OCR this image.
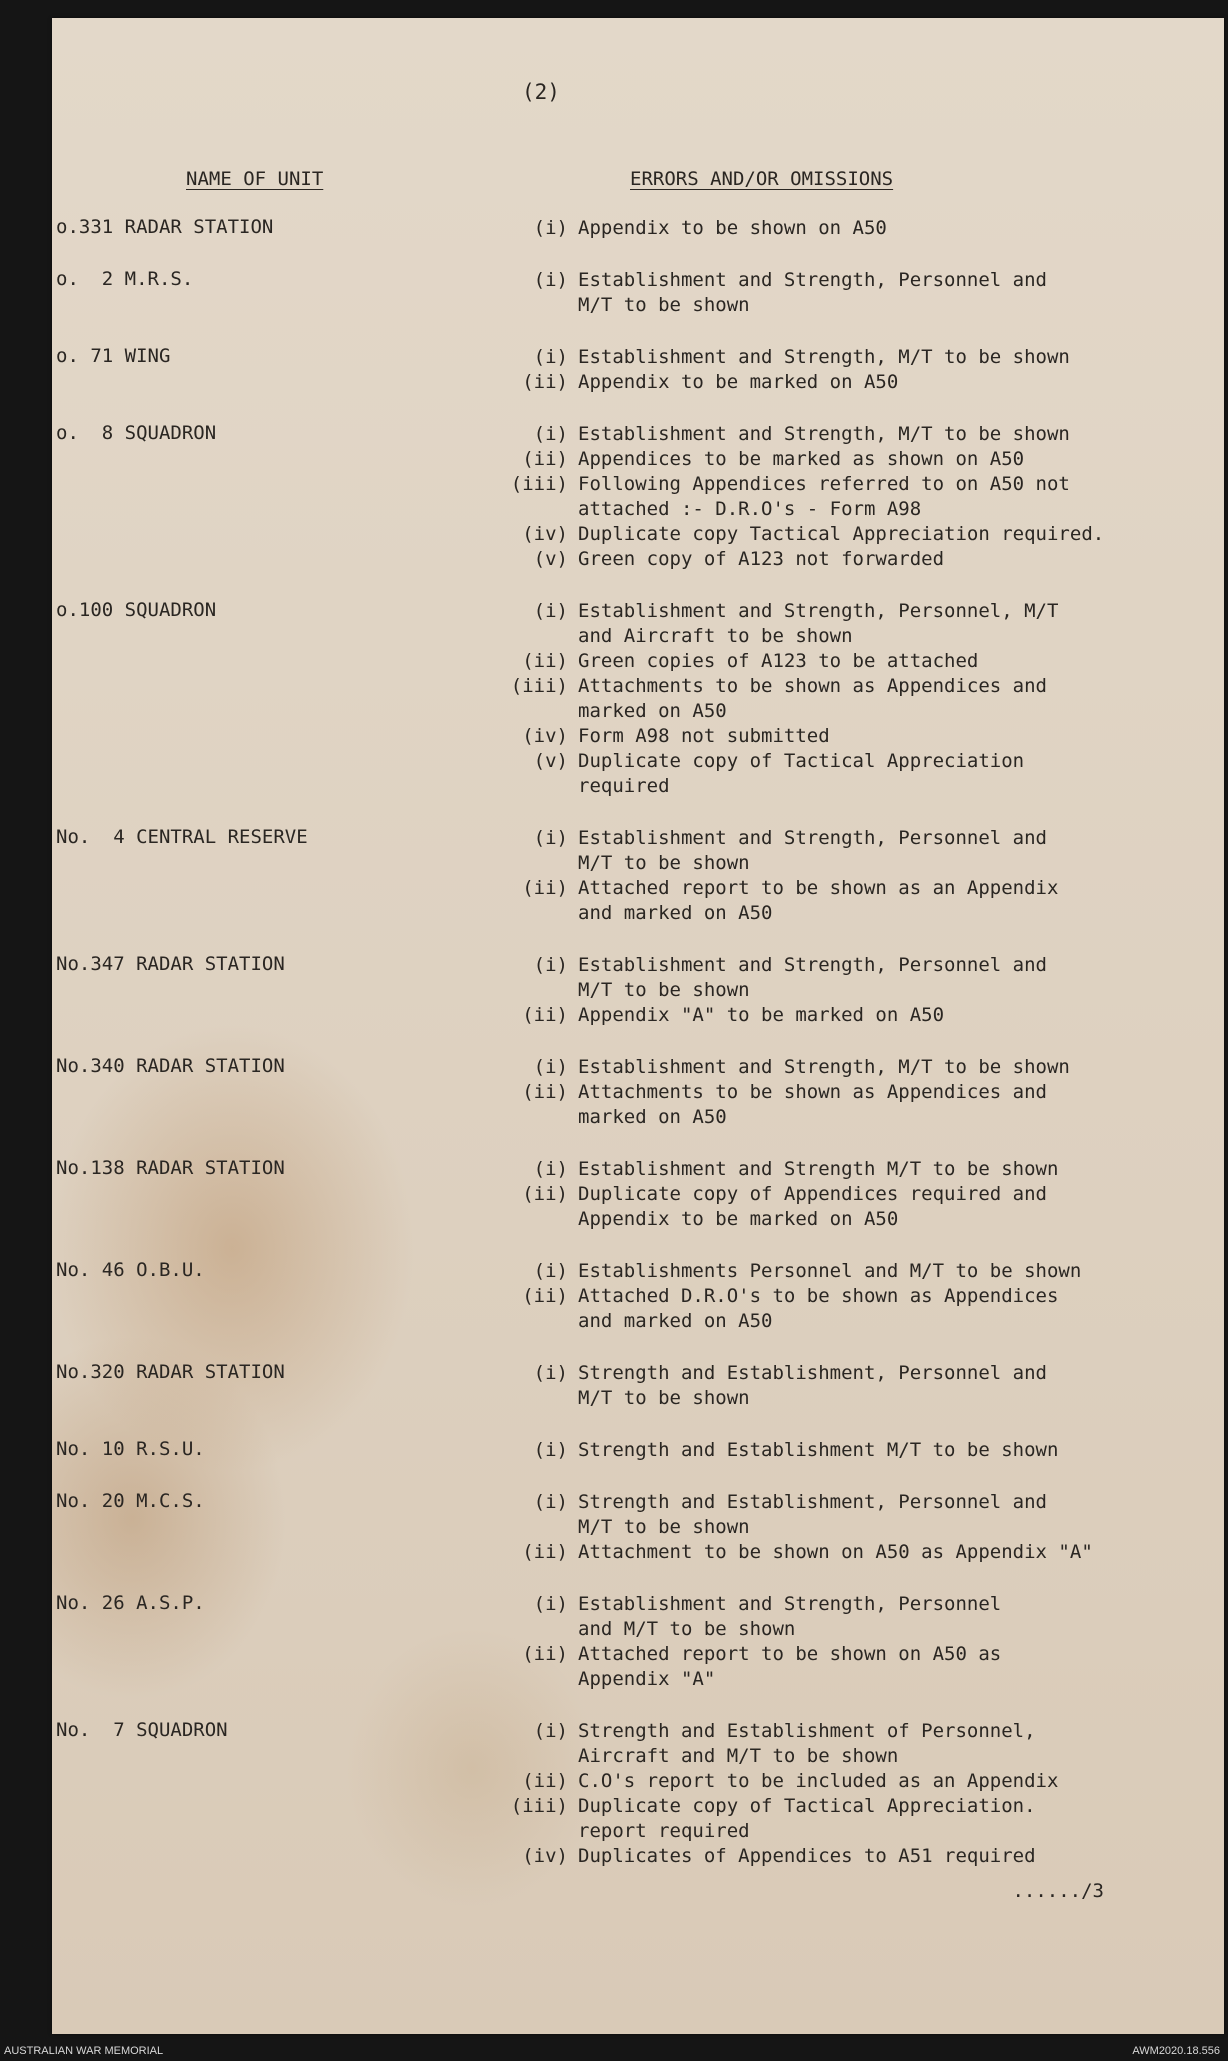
(2)
NAME OF UNIT	ERRORS AND/OR OMISSIONS
o.331 RADAR STATION	(i) Appendix to be shown on A50
o.  2 M.R.S.	(i) Establishment and Strength, Personnel and
M/T to be shown
o. 71 WING	(i) Establishment and Strength, M/T to be shown
(ii) Appendix to be marked on A50
o.  8 SQUADRON	(i) Establishment and Strength, M/T to be shown
(ii) Appendices to be marked as shown on A50
(iii) Following Appendices referred to on A50 not
attached :- D.R.O's - Form A98
(iv) Duplicate copy Tactical Appreciation required.
(v) Green copy of A123 not forwarded
o.100 SQUADRON	(i) Establishment and Strength, Personnel, M/T
and Aircraft to be shown
(ii) Green copies of A123 to be attached
(iii) Attachments to be shown as Appendices and
marked on A50
(iv) Form A98 not submitted
(v) Duplicate copy of Tactical Appreciation
required
No.  4 CENTRAL RESERVE	(i) Establishment and Strength, Personnel and
M/T to be shown
(ii) Attached report to be shown as an Appendix
and marked on A50
No.347 RADAR STATION	(i) Establishment and Strength, Personnel and
M/T to be shown
(ii) Appendix "A" to be marked on A50
No.340 RADAR STATION	(i) Establishment and Strength, M/T to be shown
(ii) Attachments to be shown as Appendices and
marked on A50
No.138 RADAR STATION	(i) Establishment and Strength M/T to be shown
(ii) Duplicate copy of Appendices required and
Appendix to be marked on A50
No. 46 O.B.U.	(i) Establishments Personnel and M/T to be shown
(ii) Attached D.R.O's to be shown as Appendices
and marked on A50
No.320 RADAR STATION	(i) Strength and Establishment, Personnel and
M/T to be shown
No. 10 R.S.U.	(i) Strength and Establishment M/T to be shown
No. 20 M.C.S.	(i) Strength and Establishment, Personnel and
M/T to be shown
(ii) Attachment to be shown on A50 as Appendix "A"
No. 26 A.S.P.	(i) Establishment and Strength, Personnel
and M/T to be shown
(ii) Attached report to be shown on A50 as
Appendix "A"
No.  7 SQUADRON	(i) Strength and Establishment of Personnel,
Aircraft and M/T to be shown
(ii) C.O's report to be included as an Appendix
(iii) Duplicate copy of Tactical Appreciation.
report required
(iv) Duplicates of Appendices to A51 required
....../3
AUSTRALIAN WAR MEMORIAL	AWM2020.18.556
